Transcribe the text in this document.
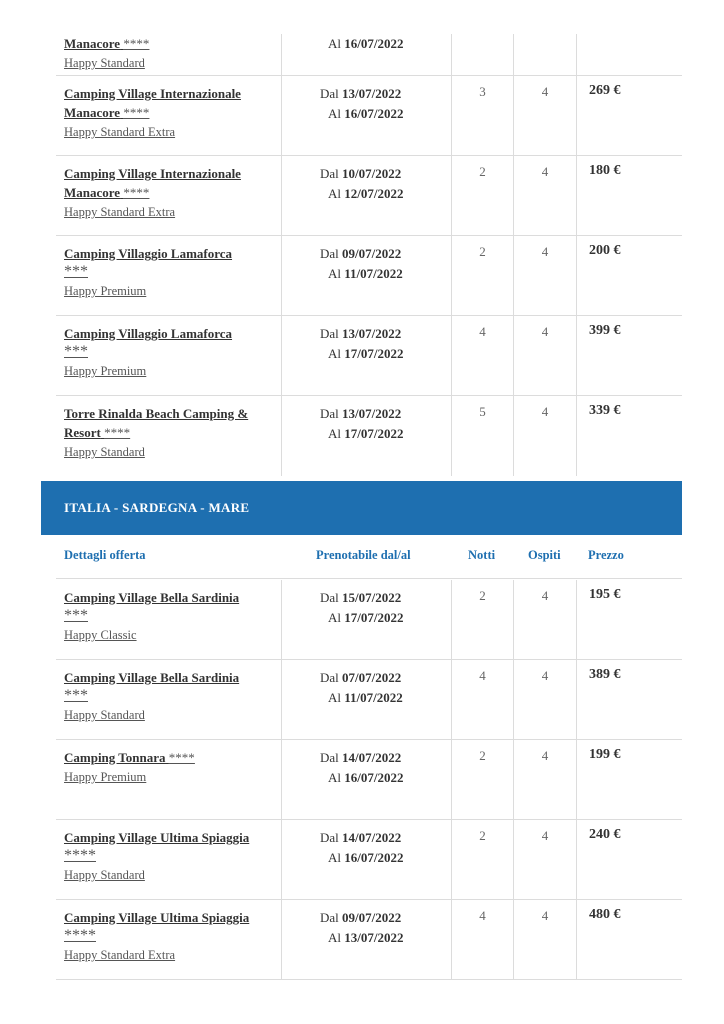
Manacore ****
Happy Standard
Al 16/07/2022
Camping Village Internazionale Manacore ****
Happy Standard Extra
Dal 13/07/2022
Al 16/07/2022
3	4	269 €
Camping Village Internazionale Manacore ****
Happy Standard Extra
Dal 10/07/2022
Al 12/07/2022
2	4	180 €
Camping Villaggio Lamaforca
***
Happy Premium
Dal 09/07/2022
Al 11/07/2022
2	4	200 €
Camping Villaggio Lamaforca
***
Happy Premium
Dal 13/07/2022
Al 17/07/2022
4	4	399 €
Torre Rinalda Beach Camping & Resort ****
Happy Standard
Dal 13/07/2022
Al 17/07/2022
5	4	339 €
ITALIA - SARDEGNA - MARE
Dettagli offerta	Prenotabile dal/al	Notti	Ospiti Prezzo
Camping Village Bella Sardinia
***
Happy Classic
Dal 15/07/2022
Al 17/07/2022
2	4	195 €
Camping Village Bella Sardinia
***
Happy Standard
Dal 07/07/2022
Al 11/07/2022
4	4	389 €
Camping Tonnara ****
Happy Premium
Dal 14/07/2022
Al 16/07/2022
2	4	199 €
Camping Village Ultima Spiaggia
****
Happy Standard
Dal 14/07/2022
Al 16/07/2022
2	4	240 €
Camping Village Ultima Spiaggia
****
Happy Standard Extra
Dal 09/07/2022
Al 13/07/2022
4	4	480 €
